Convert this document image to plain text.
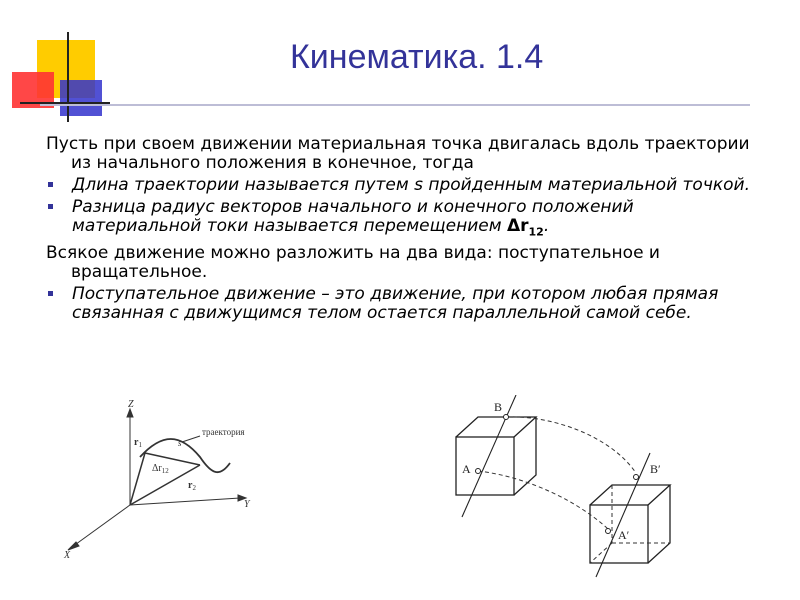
Кинематика. 1.4

Пусть при своем движении материальная точка двигалась вдоль траектории из начального положения в конечное, тогда

Длина траектории называется путем s пройденным материальной точкой.
Разница радиус векторов начального и конечного положений материальной токи называется перемещением $\Delta r_{12}$.

Всякое движение можно разложить на два вида: поступательное и вращательное.

Поступательное движение – это движение, при котором любая прямая связанная с движущимся телом остается параллельной самой себе.
Z
Y
X
$r_1$
$r_2$
$\Delta r_{12}$
s
траектория
B
A	B′
A′
